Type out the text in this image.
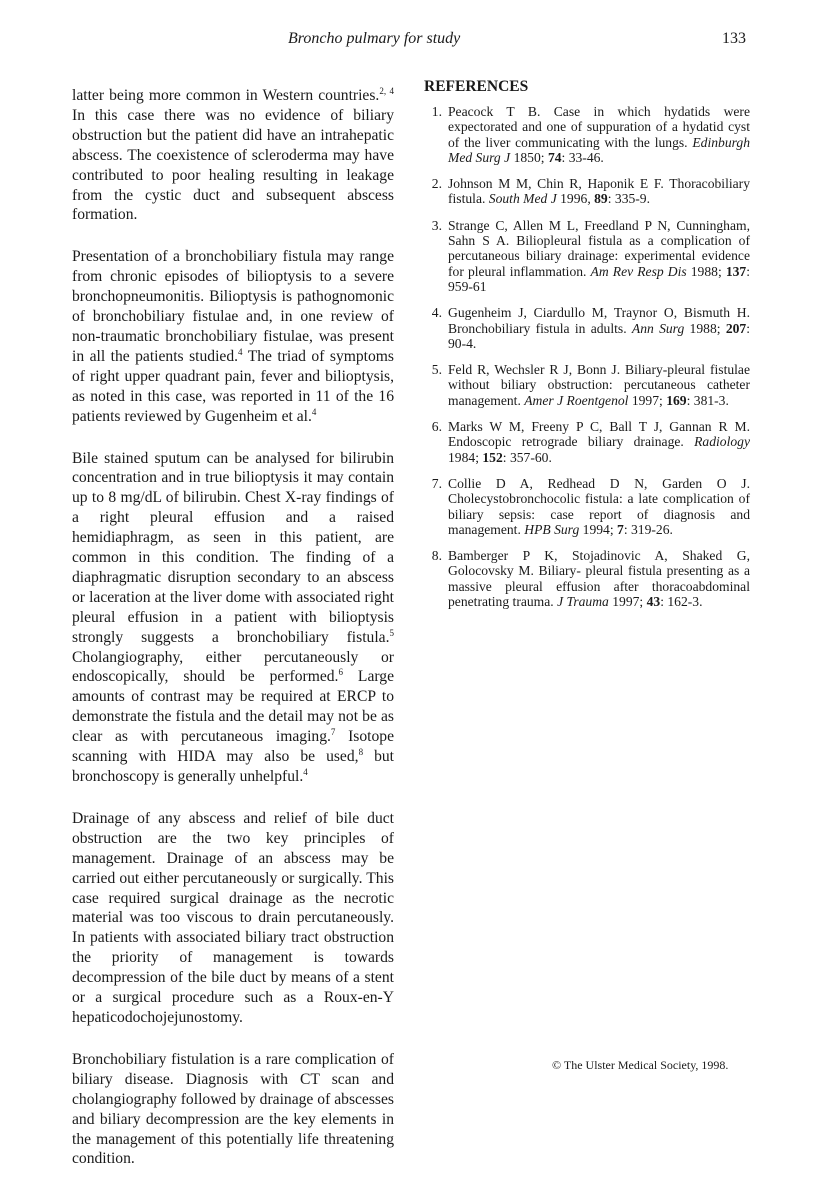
Broncho pulmary for study	133

latter being more common in Western countries.$^{2, 4}$ In this case there was no evidence of biliary obstruction but the patient did have an intrahepatic abscess. The coexistence of scleroderma may have contributed to poor healing resulting in leakage from the cystic duct and subsequent abscess formation.

Presentation of a bronchobiliary fistula may range from chronic episodes of bilioptysis to a severe bronchopneumonitis. Bilioptysis is pathognomonic of bronchobiliary fistulae and, in one review of non-traumatic bronchobiliary fistulae, was present in all the patients studied.$^4$ The triad of symptoms of right upper quadrant pain, fever and bilioptysis, as noted in this case, was reported in 11 of the 16 patients reviewed by Gugenheim et al.$^4$

Bile stained sputum can be analysed for bilirubin concentration and in true bilioptysis it may contain up to 8 mg/dL of bilirubin. Chest X-ray findings of a right pleural effusion and a raised hemidiaphragm, as seen in this patient, are common in this condition. The finding of a diaphragmatic disruption secondary to an abscess or laceration at the liver dome with associated right pleural effusion in a patient with bilioptysis strongly suggests a bronchobiliary fistula.$^5$ Cholangiography, either percutaneously or endoscopically, should be performed.$^6$ Large amounts of contrast may be required at ERCP to demonstrate the fistula and the detail may not be as clear as with percutaneous imaging.$^7$ Isotope scanning with HIDA may also be used,$^8$ but bronchoscopy is generally unhelpful.$^4$

Drainage of any abscess and relief of bile duct obstruction are the two key principles of management. Drainage of an abscess may be carried out either percutaneously or surgically. This case required surgical drainage as the necrotic material was too viscous to drain percutaneously. In patients with associated biliary tract obstruction the priority of management is towards decompression of the bile duct by means of a stent or a surgical procedure such as a Roux-en-Y hepaticodochojejunostomy.

Bronchobiliary fistulation is a rare complication of biliary disease. Diagnosis with CT scan and cholangiography followed by drainage of abscesses and biliary decompression are the key elements in the management of this potentially life threatening condition.

REFERENCES
1. Peacock T B. Case in which hydatids were expectorated and one of suppuration of a hydatid cyst of the liver communicating with the lungs. Edinburgh Med Surg J 1850; 74: 33-46.
2. Johnson M M, Chin R, Haponik E F. Thoracobiliary fistula. South Med J 1996, 89: 335-9.
3. Strange C, Allen M L, Freedland P N, Cunningham, Sahn S A. Biliopleural fistula as a complication of percutaneous biliary drainage: experimental evidence for pleural inflammation. Am Rev Resp Dis 1988; 137: 959-61
4. Gugenheim J, Ciardullo M, Traynor O, Bismuth H. Bronchobiliary fistula in adults. Ann Surg 1988; 207: 90-4.
5. Feld R, Wechsler R J, Bonn J. Biliary-pleural fistulae without biliary obstruction: percutaneous catheter management. Amer J Roentgenol 1997; 169: 381-3.
6. Marks W M, Freeny P C, Ball T J, Gannan R M. Endoscopic retrograde biliary drainage. Radiology 1984; 152: 357-60.
7. Collie D A, Redhead D N, Garden O J. Cholecystobronchocolic fistula: a late complication of biliary sepsis: case report of diagnosis and management. HPB Surg 1994; 7: 319-26.
8. Bamberger P K, Stojadinovic A, Shaked G, Golocovsky M. Biliary- pleural fistula presenting as a massive pleural effusion after thoracoabdominal penetrating trauma. J Trauma 1997; 43: 162-3.
© The Ulster Medical Society, 1998.
